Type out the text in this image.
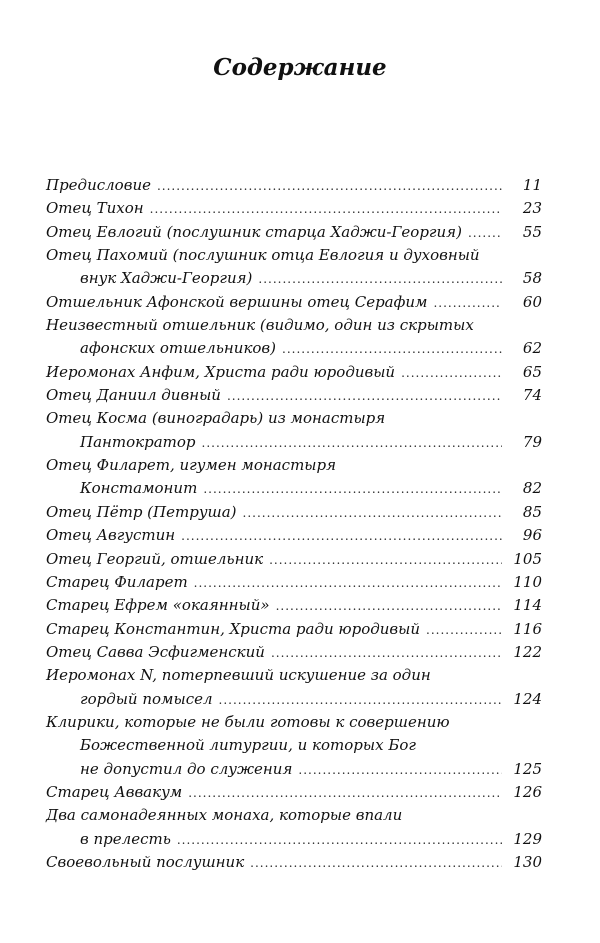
Содержание
Предисловие .....	11
Отец Тихон .....	23
Отец Евлогий (послушник старца Хаджи-Георгия) .....	55
Отец Пахомий (послушник отца Евлогия и духовный
внук Хаджи-Георгия) .....	58
Отшельник Афонской вершины отец Серафим .....	60
Неизвестный отшельник (видимо, один из скрытых
афонских отшельников) .....	62
Иеромонах Анфим, Христа ради юродивый .....	65
Отец Даниил дивный .....	74
Отец Косма (виноградарь) из монастыря
Пантократор .....	79
Отец Филарет, игумен монастыря
Констамонит .....	82
Отец Пётр (Петруша) .....	85
Отец Августин .....	96
Отец Георгий, отшельник .....	105
Старец Филарет .....	110
Старец Ефрем «окаянный» .....	114
Старец Константин, Христа ради юродивый .....	116
Отец Савва Эсфигменский .....	122
Иеромонах N, потерпевший искушение за один
гордый помысел .....	124
Клирики, которые не были готовы к совершению
Божественной литургии, и которых Бог
не допустил до служения .....	125
Старец Аввакум .....	126
Два самонадеянных монаха, которые впали
в прелесть .....	129
Своевольный послушник .....	130
